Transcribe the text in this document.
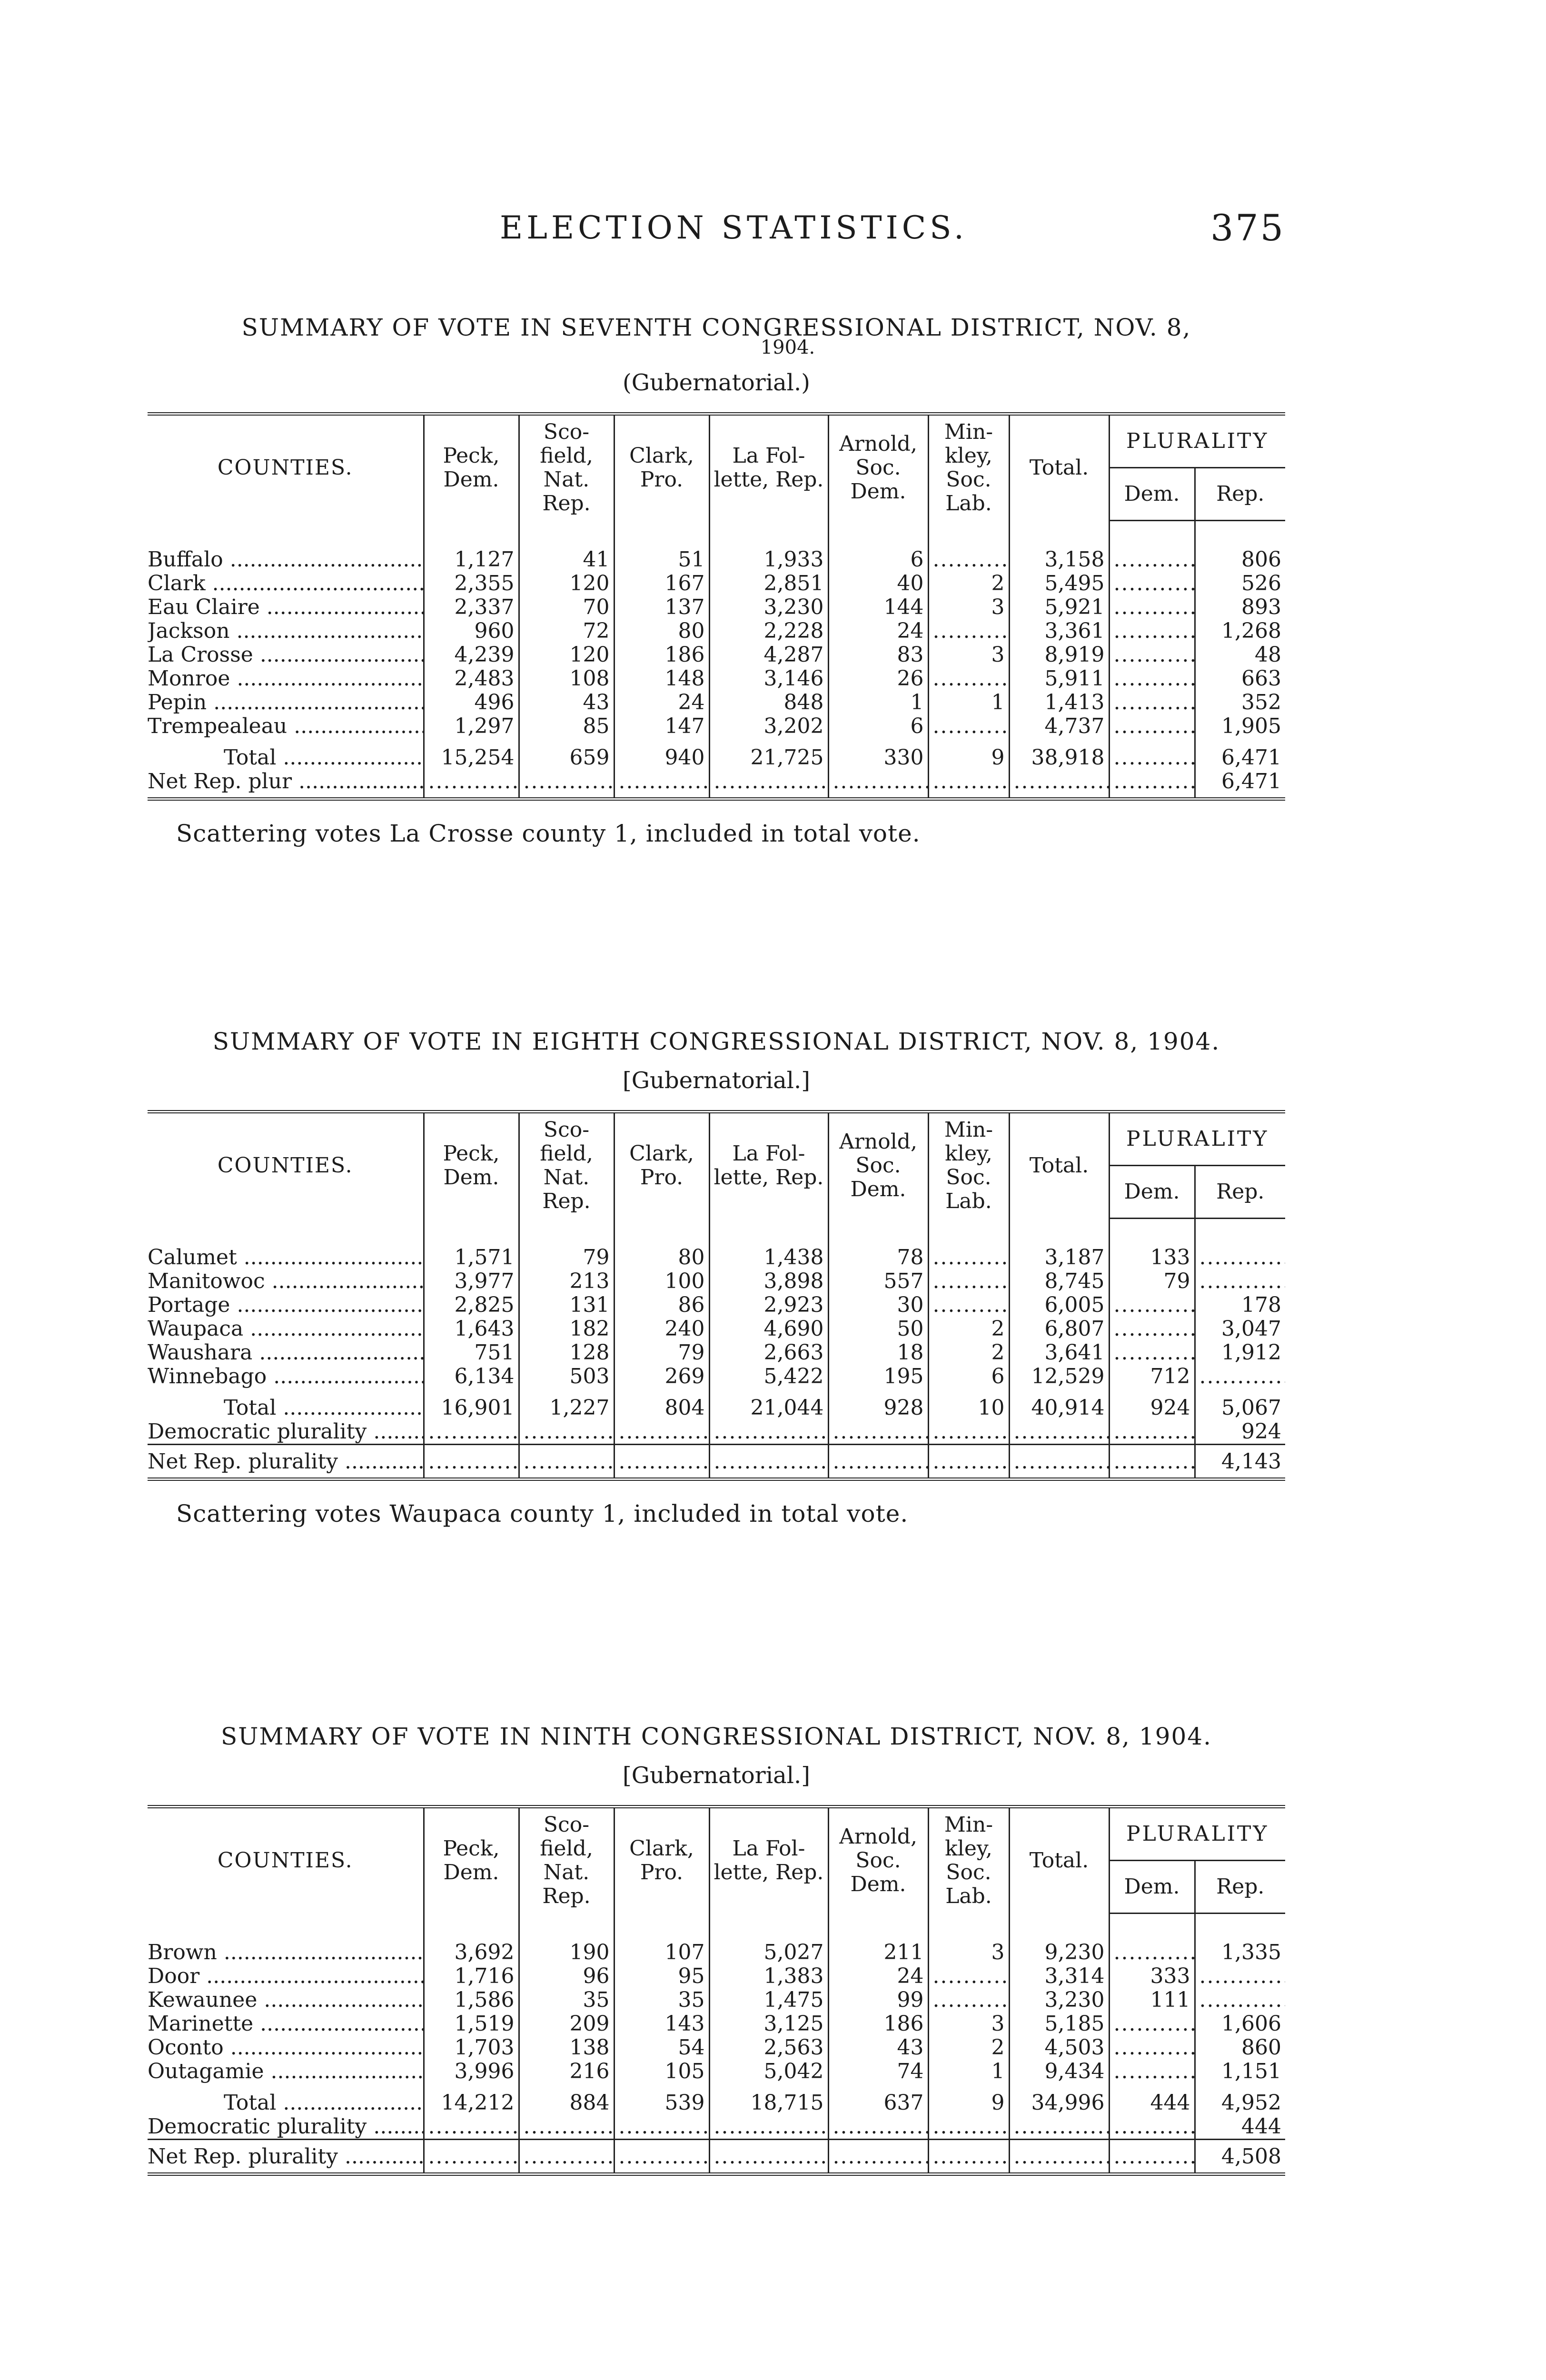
ELECTION STATISTICS.	375
SUMMARY OF VOTE IN SEVENTH CONGRESSIONAL DISTRICT, NOV. 8,
1904.
(Gubernatorial.)
COUNTIES.	Peck, Dem.	Sco- field, Nat. Rep.	Clark, Pro.	La Fol- lette, Rep.	Arnold, Soc. Dem.	Min- kley, Soc. Lab.	Total.	PLURALITY	
								Dem.	Rep.

Buffalo .....	1,127	41	51	1,933	6	.....	3,158	.....	806
Clark .....	2,355	120	167	2,851	40	2	5,495	.....	526
Eau Claire .....	2,337	70	137	3,230	144	3	5,921	.....	893
Jackson .....	960	72	80	2,228	24	.....	3,361	.....	1,268
La Crosse .....	4,239	120	186	4,287	83	3	8,919	.....	48
Monroe .....	2,483	108	148	3,146	26	.....	5,911	.....	663
Pepin .....	496	43	24	848	1	1	1,413	.....	352
Trempealeau .....	1,297	85	147	3,202	6	.....	4,737	.....	1,905
Total .....	15,254	659	940	21,725	330	9	38,918	.....	6,471
Net Rep. plur .....	.....	.....	.....	.....	.....	.....	.....	.....	6,471
Scattering votes La Crosse county 1, included in total vote.
SUMMARY OF VOTE IN EIGHTH CONGRESSIONAL DISTRICT, NOV. 8, 1904.
[Gubernatorial.]
COUNTIES.	Peck, Dem.	Sco- field, Nat. Rep.	Clark, Pro.	La Fol- lette, Rep.	Arnold, Soc. Dem.	Min- kley, Soc. Lab.	Total.	PLURALITY	
								Dem.	Rep.

Calumet .....	1,571	79	80	1,438	78	.....	3,187	133	.....
Manitowoc .....	3,977	213	100	3,898	557	.....	8,745	79	.....
Portage .....	2,825	131	86	2,923	30	.....	6,005	.....	178
Waupaca .....	1,643	182	240	4,690	50	2	6,807	.....	3,047
Waushara .....	751	128	79	2,663	18	2	3,641	.....	1,912
Winnebago .....	6,134	503	269	5,422	195	6	12,529	712	.....
Total .....	16,901	1,227	804	21,044	928	10	40,914	924	5,067
Democratic plurality .....	.....	.....	.....	.....	.....	.....	.....	.....	924
Net Rep. plurality .....	.....	.....	.....	.....	.....	.....	.....	.....	4,143
Scattering votes Waupaca county 1, included in total vote.
SUMMARY OF VOTE IN NINTH CONGRESSIONAL DISTRICT, NOV. 8, 1904.
[Gubernatorial.]
COUNTIES.	Peck, Dem.	Sco- field, Nat. Rep.	Clark, Pro.	La Fol- lette, Rep.	Arnold, Soc. Dem.	Min- kley, Soc. Lab.	Total.	PLURALITY	
								Dem.	Rep.

Brown .....	3,692	190	107	5,027	211	3	9,230	.....	1,335
Door .....	1,716	96	95	1,383	24	.....	3,314	333	.....
Kewaunee .....	1,586	35	35	1,475	99	.....	3,230	111	.....
Marinette .....	1,519	209	143	3,125	186	3	5,185	.....	1,606
Oconto .....	1,703	138	54	2,563	43	2	4,503	.....	860
Outagamie .....	3,996	216	105	5,042	74	1	9,434	.....	1,151
Total .....	14,212	884	539	18,715	637	9	34,996	444	4,952
Democratic plurality .....	.....	.....	.....	.....	.....	.....	.....	.....	444
Net Rep. plurality .....	.....	.....	.....	.....	.....	.....	.....	.....	4,508
